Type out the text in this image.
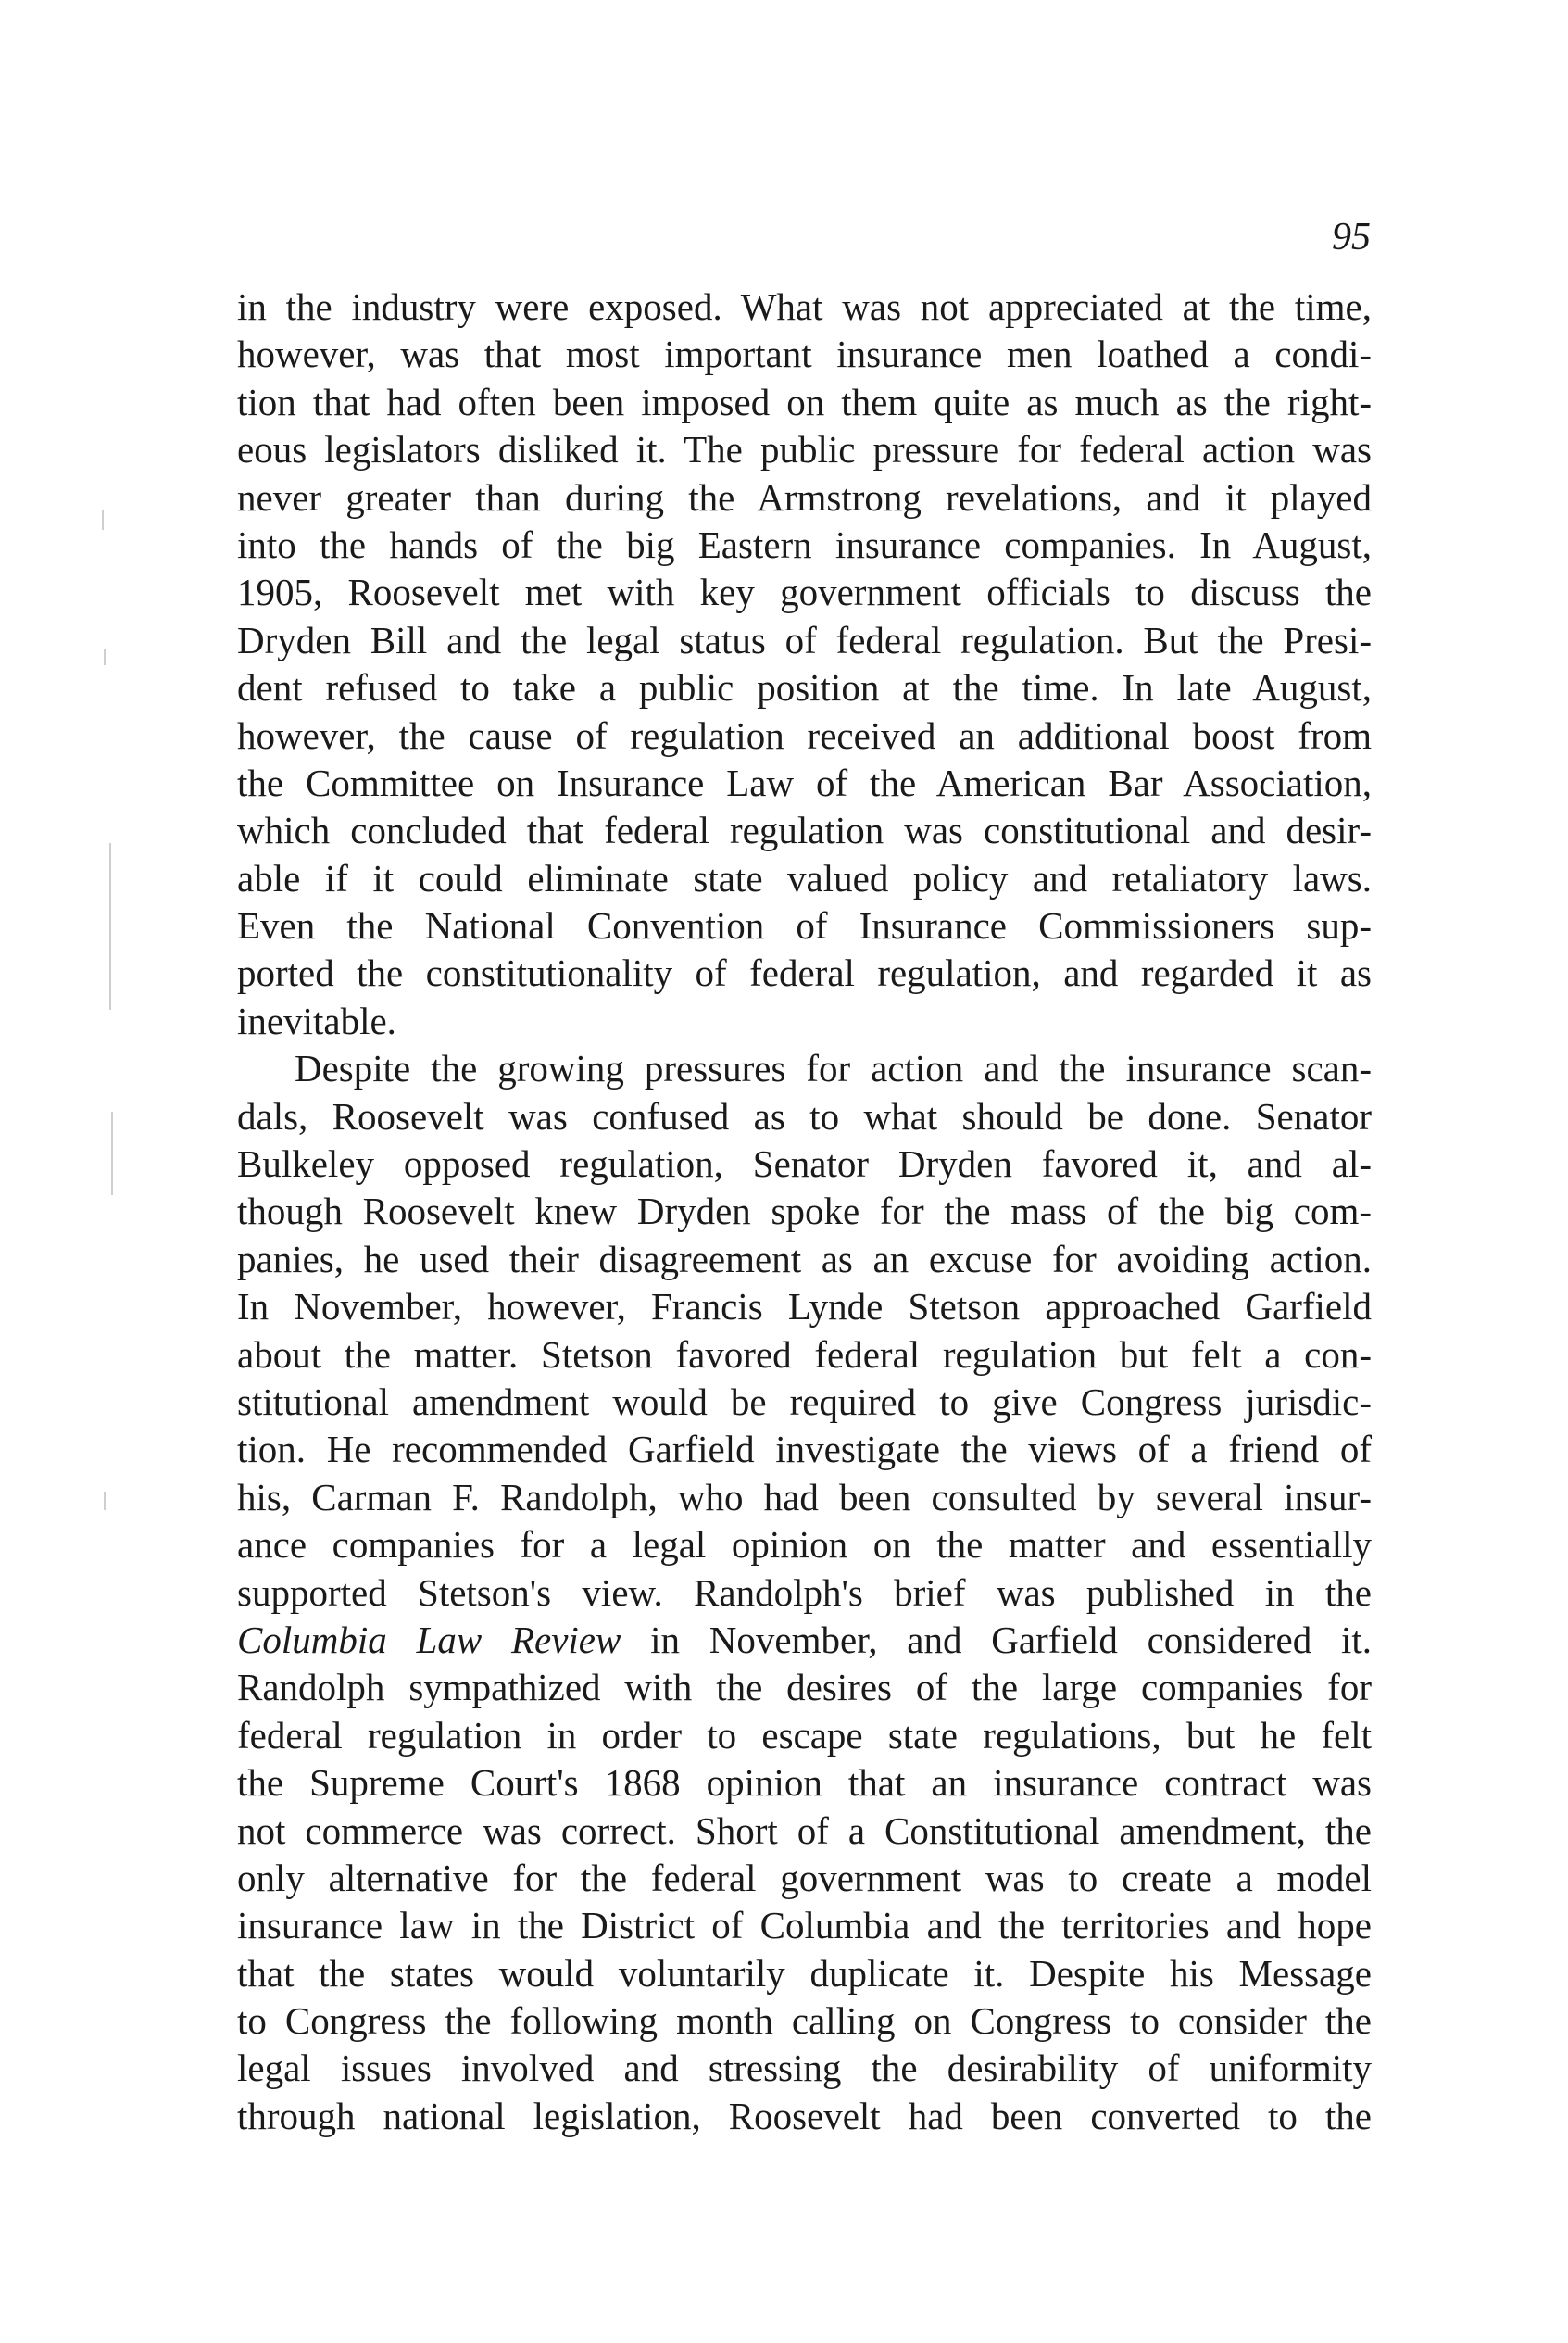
95
in the industry were exposed. What was not appreciated at the time,
however, was that most important insurance men loathed a condi-
tion that had often been imposed on them quite as much as the right-
eous legislators disliked it. The public pressure for federal action was
never greater than during the Armstrong revelations, and it played
into the hands of the big Eastern insurance companies. In August,
1905, Roosevelt met with key government officials to discuss the
Dryden Bill and the legal status of federal regulation. But the Presi-
dent refused to take a public position at the time. In late August,
however, the cause of regulation received an additional boost from
the Committee on Insurance Law of the American Bar Association,
which concluded that federal regulation was constitutional and desir-
able if it could eliminate state valued policy and retaliatory laws.
Even the National Convention of Insurance Commissioners sup-
ported the constitutionality of federal regulation, and regarded it as
inevitable.
Despite the growing pressures for action and the insurance scan-
dals, Roosevelt was confused as to what should be done. Senator
Bulkeley opposed regulation, Senator Dryden favored it, and al-
though Roosevelt knew Dryden spoke for the mass of the big com-
panies, he used their disagreement as an excuse for avoiding action.
In November, however, Francis Lynde Stetson approached Garfield
about the matter. Stetson favored federal regulation but felt a con-
stitutional amendment would be required to give Congress jurisdic-
tion. He recommended Garfield investigate the views of a friend of
his, Carman F. Randolph, who had been consulted by several insur-
ance companies for a legal opinion on the matter and essentially
supported Stetson's view. Randolph's brief was published in the
Columbia Law Review in November, and Garfield considered it.
Randolph sympathized with the desires of the large companies for
federal regulation in order to escape state regulations, but he felt
the Supreme Court's 1868 opinion that an insurance contract was
not commerce was correct. Short of a Constitutional amendment, the
only alternative for the federal government was to create a model
insurance law in the District of Columbia and the territories and hope
that the states would voluntarily duplicate it. Despite his Message
to Congress the following month calling on Congress to consider the
legal issues involved and stressing the desirability of uniformity
through national legislation, Roosevelt had been converted to the
